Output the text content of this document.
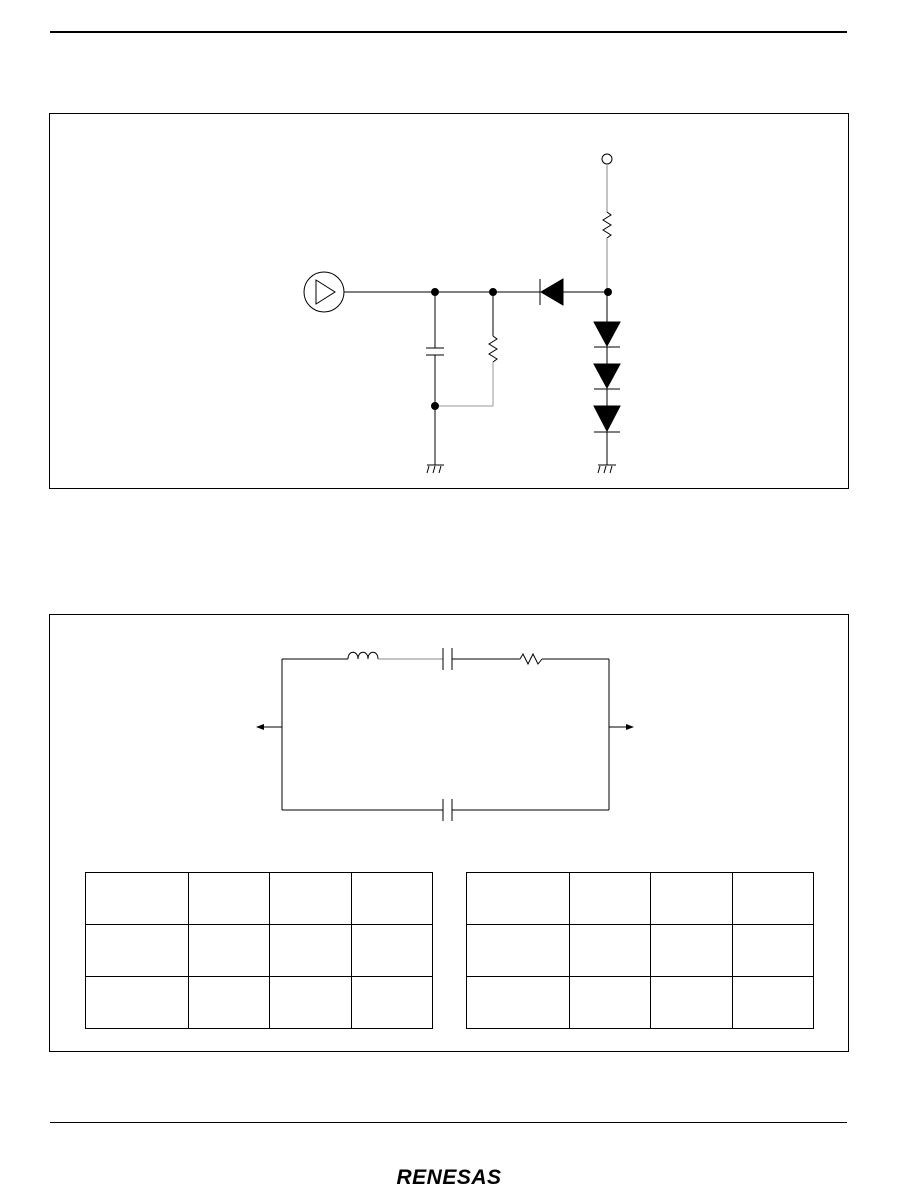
RENESAS
